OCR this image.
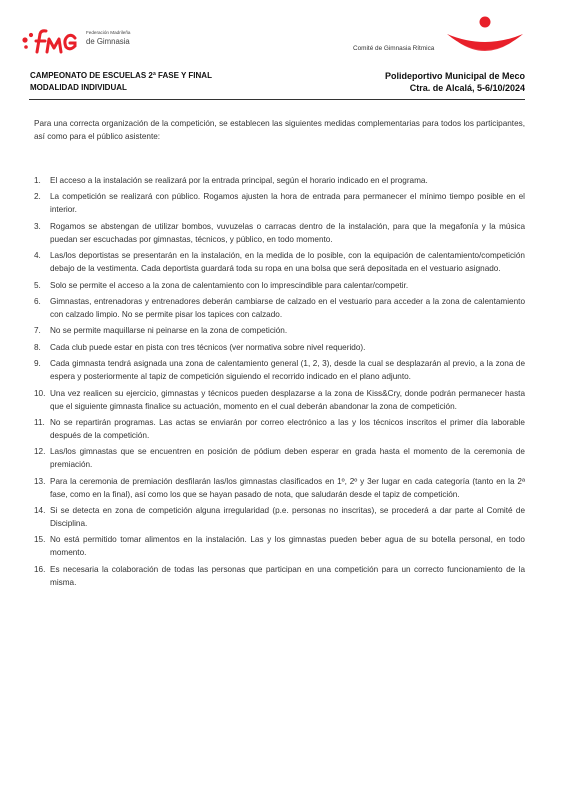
Federación Madrileña
de Gimnasia
Comité de Gimnasia Rítmica
CAMPEONATO DE ESCUELAS 2ª FASE Y FINAL
MODALIDAD INDIVIDUAL
Polideportivo Municipal de Meco
Ctra. de Alcalá, 5-6/10/2024

Para una correcta organización de la competición, se establecen las siguientes medidas complementarias para todos los participantes, así como para el público asistente:

1. El acceso a la instalación se realizará por la entrada principal, según el horario indicado en el programa.
2. La competición se realizará con público. Rogamos ajusten la hora de entrada para permanecer el mínimo tiempo posible en el interior.
3. Rogamos se abstengan de utilizar bombos, vuvuzelas o carracas dentro de la instalación, para que la megafonía y la música puedan ser escuchadas por gimnastas, técnicos, y público, en todo momento.
4. Las/los deportistas se presentarán en la instalación, en la medida de lo posible, con la equipación de calentamiento/competición debajo de la vestimenta. Cada deportista guardará toda su ropa en una bolsa que será depositada en el vestuario asignado.
5. Solo se permite el acceso a la zona de calentamiento con lo imprescindible para calentar/competir.
6. Gimnastas, entrenadoras y entrenadores deberán cambiarse de calzado en el vestuario para acceder a la zona de calentamiento con calzado limpio. No se permite pisar los tapices con calzado.
7. No se permite maquillarse ni peinarse en la zona de competición.
8. Cada club puede estar en pista con tres técnicos (ver normativa sobre nivel requerido).
9. Cada gimnasta tendrá asignada una zona de calentamiento general (1, 2, 3), desde la cual se desplazarán al previo, a la zona de espera y posteriormente al tapiz de competición siguiendo el recorrido indicado en el plano adjunto.
10. Una vez realicen su ejercicio, gimnastas y técnicos pueden desplazarse a la zona de Kiss&Cry, donde podrán permanecer hasta que el siguiente gimnasta finalice su actuación, momento en el cual deberán abandonar la zona de competición.
11. No se repartirán programas. Las actas se enviarán por correo electrónico a las y los técnicos inscritos el primer día laborable después de la competición.
12. Las/los gimnastas que se encuentren en posición de pódium deben esperar en grada hasta el momento de la ceremonia de premiación.
13. Para la ceremonia de premiación desfilarán las/los gimnastas clasificados en 1º, 2º y 3er lugar en cada categoría (tanto en la 2ª fase, como en la final), así como los que se hayan pasado de nota, que saludarán desde el tapiz de competición.
14. Si se detecta en zona de competición alguna irregularidad (p.e. personas no inscritas), se procederá a dar parte al Comité de Disciplina.
15. No está permitido tomar alimentos en la instalación. Las y los gimnastas pueden beber agua de su botella personal, en todo momento.
16. Es necesaria la colaboración de todas las personas que participan en una competición para un correcto funcionamiento de la misma.
